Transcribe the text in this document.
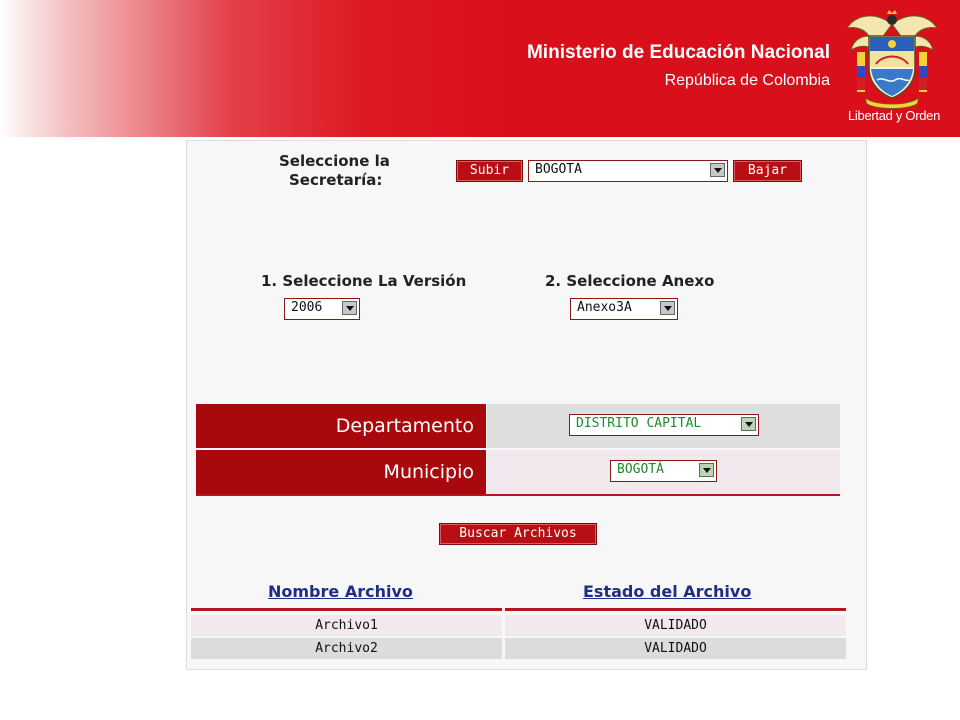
Ministerio de Educación Nacional
República de Colombia
Libertad y Orden
Seleccione la
Secretaría:
Subir	BOGOTA	Bajar
1. Seleccione La Versión
2006
2. Seleccione Anexo
Anexo3A
Departamento	DISTRITO CAPITAL
Municipio	BOGOTÁ
Buscar Archivos
Nombre Archivo	Estado del Archivo
Archivo1	VALIDADO
Archivo2	VALIDADO
